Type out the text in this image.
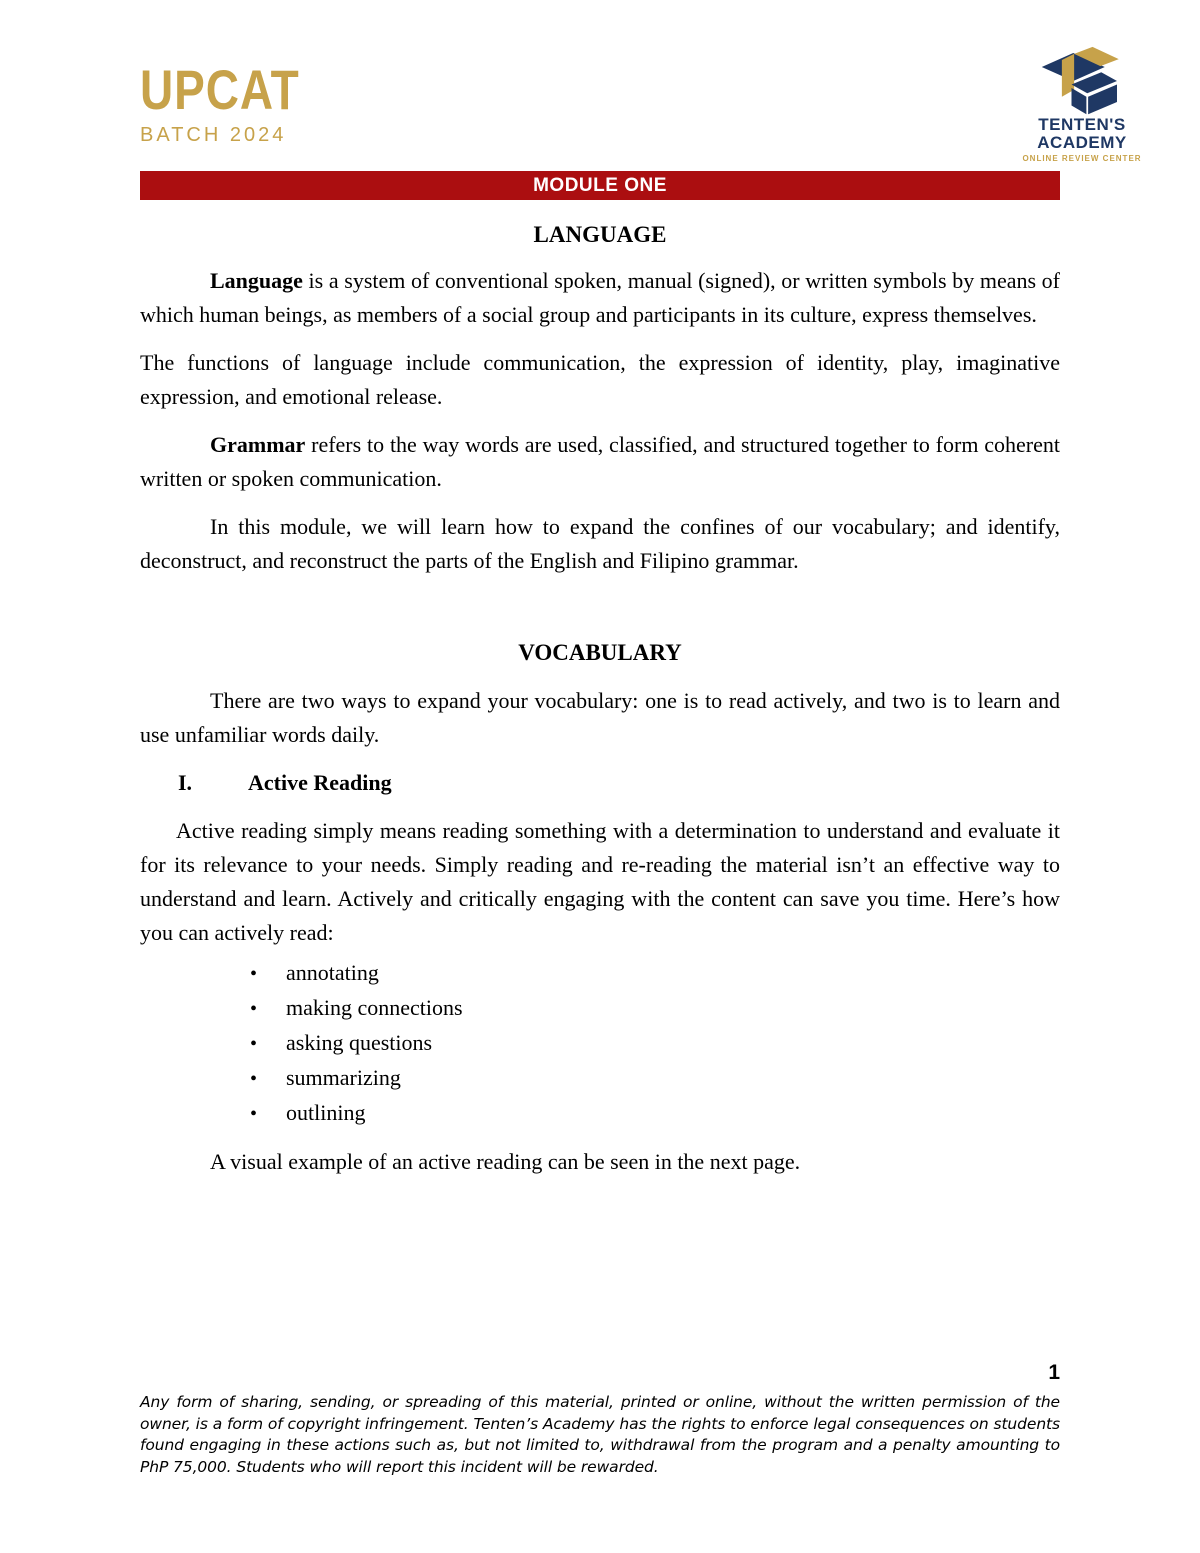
UPCAT
BATCH 2024	TENTEN'S
ACADEMY
ONLINE REVIEW CENTER
MODULE ONE
LANGUAGE

Language is a system of conventional spoken, manual (signed), or written symbols by means of which human beings, as members of a social group and participants in its culture, express themselves.

The functions of language include communication, the expression of identity, play, imaginative expression, and emotional release.

Grammar refers to the way words are used, classified, and structured together to form coherent written or spoken communication.

In this module, we will learn how to expand the confines of our vocabulary; and identify, deconstruct, and reconstruct the parts of the English and Filipino grammar.

VOCABULARY

There are two ways to expand your vocabulary: one is to read actively, and two is to learn and use unfamiliar words daily.

I.	Active Reading

Active reading simply means reading something with a determination to understand and evaluate it for its relevance to your needs. Simply reading and re-reading the material isn’t an effective way to understand and learn. Actively and critically engaging with the content can save you time. Here’s how you can actively read:

• annotating
• making connections
• asking questions
• summarizing
• outlining

A visual example of an active reading can be seen in the next page.

1
Any form of sharing, sending, or spreading of this material, printed or online, without the written permission of the owner, is a form of copyright infringement. Tenten’s Academy has the rights to enforce legal consequences on students found engaging in these actions such as, but not limited to, withdrawal from the program and a penalty amounting to PhP 75,000. Students who will report this incident will be rewarded.
